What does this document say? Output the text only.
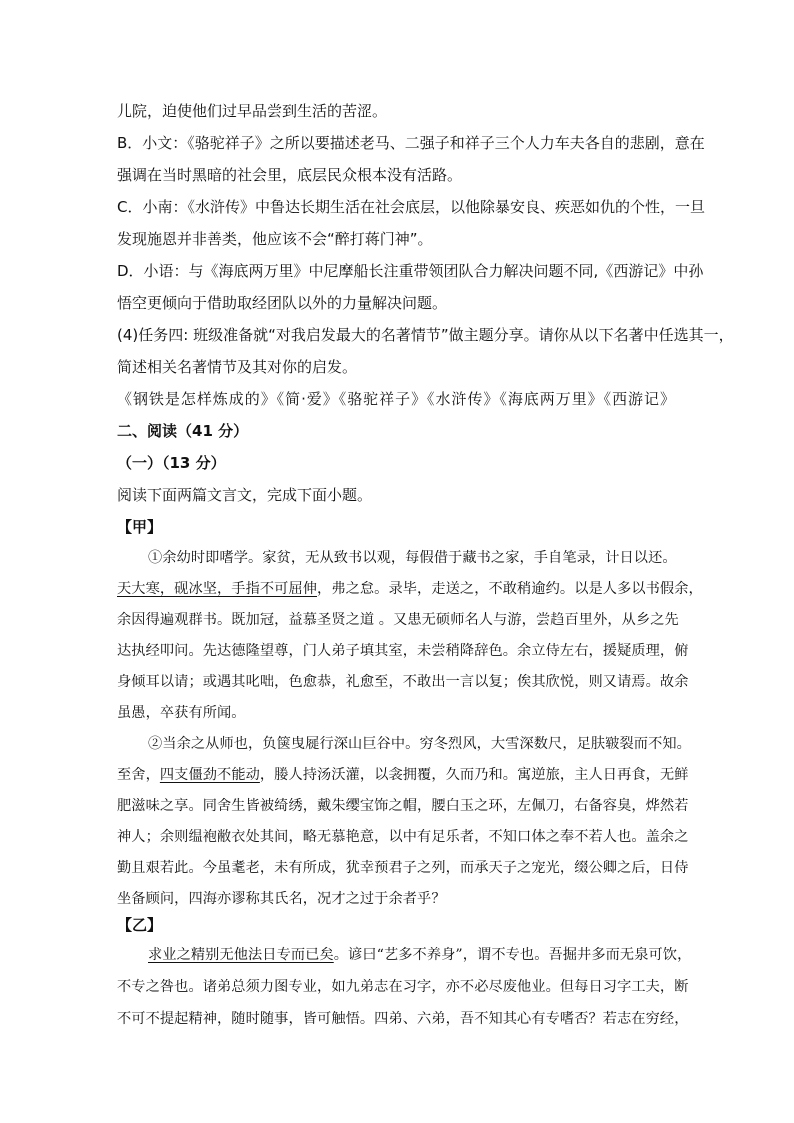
儿院，迫使他们过早品尝到生活的苦涩。
B．小文：《骆驼祥子》之所以要描述老马、二强子和祥子三个人力车夫各自的悲剧，意在
强调在当时黑暗的社会里，底层民众根本没有活路。
C．小南：《水浒传》中鲁达长期生活在社会底层，以他除暴安良、疾恶如仇的个性，一旦
发现施恩并非善类，他应该不会“醉打蒋门神”。
D．小语：与《海底两万里》中尼摩船长注重带领团队合力解决问题不同,《西游记》中孙
悟空更倾向于借助取经团队以外的力量解决问题。
(4)任务四: 班级准备就“对我启发最大的名著情节”做主题分享。请你从以下名著中任选其一，
简述相关名著情节及其对你的启发。
《钢铁是怎样炼成的》《简·爱》《骆驼祥子》《水浒传》《海底两万里》《西游记》
二、阅读（41 分）
（一）（13 分）
阅读下面两篇文言文，完成下面小题。
【甲】
①余幼时即嗜学。家贫，无从致书以观，每假借于藏书之家，手自笔录，计日以还。
天大寒，砚冰坚，手指不可屈伸，弗之怠。录毕，走送之，不敢稍逾约。以是人多以书假余，
余因得遍观群书。既加冠，益慕圣贤之道 。又患无硕师名人与游，尝趋百里外，从乡之先
达执经叩问。先达德隆望尊，门人弟子填其室，未尝稍降辞色。余立侍左右，援疑质理，俯
身倾耳以请；或遇其叱咄，色愈恭，礼愈至，不敢出一言以复；俟其欣悦，则又请焉。故余
虽愚，卒获有所闻。
②当余之从师也，负箧曳屣行深山巨谷中。穷冬烈风，大雪深数尺，足肤皲裂而不知。
至舍，四支僵劲不能动，媵人持汤沃灌，以衾拥覆，久而乃和。寓逆旅，主人日再食，无鲜
肥滋味之享。同舍生皆被绮绣，戴朱缨宝饰之帽，腰白玉之环，左佩刀，右备容臭，烨然若
神人；余则缊袍敝衣处其间，略无慕艳意，以中有足乐者，不知口体之奉不若人也。盖余之
勤且艰若此。今虽耄老，未有所成，犹幸预君子之列，而承天子之宠光，缀公卿之后，日侍
坐备顾问，四海亦谬称其氏名，况才之过于余者乎？
【乙】
求业之精别无他法日专而已矣。谚曰“艺多不养身”，谓不专也。吾掘井多而无泉可饮，
不专之咎也。诸弟总须力图专业，如九弟志在习字，亦不必尽废他业。但每日习字工夫，断
不可不提起精神，随时随事，皆可触悟。四弟、六弟，吾不知其心有专嗜否？若志在穷经，
